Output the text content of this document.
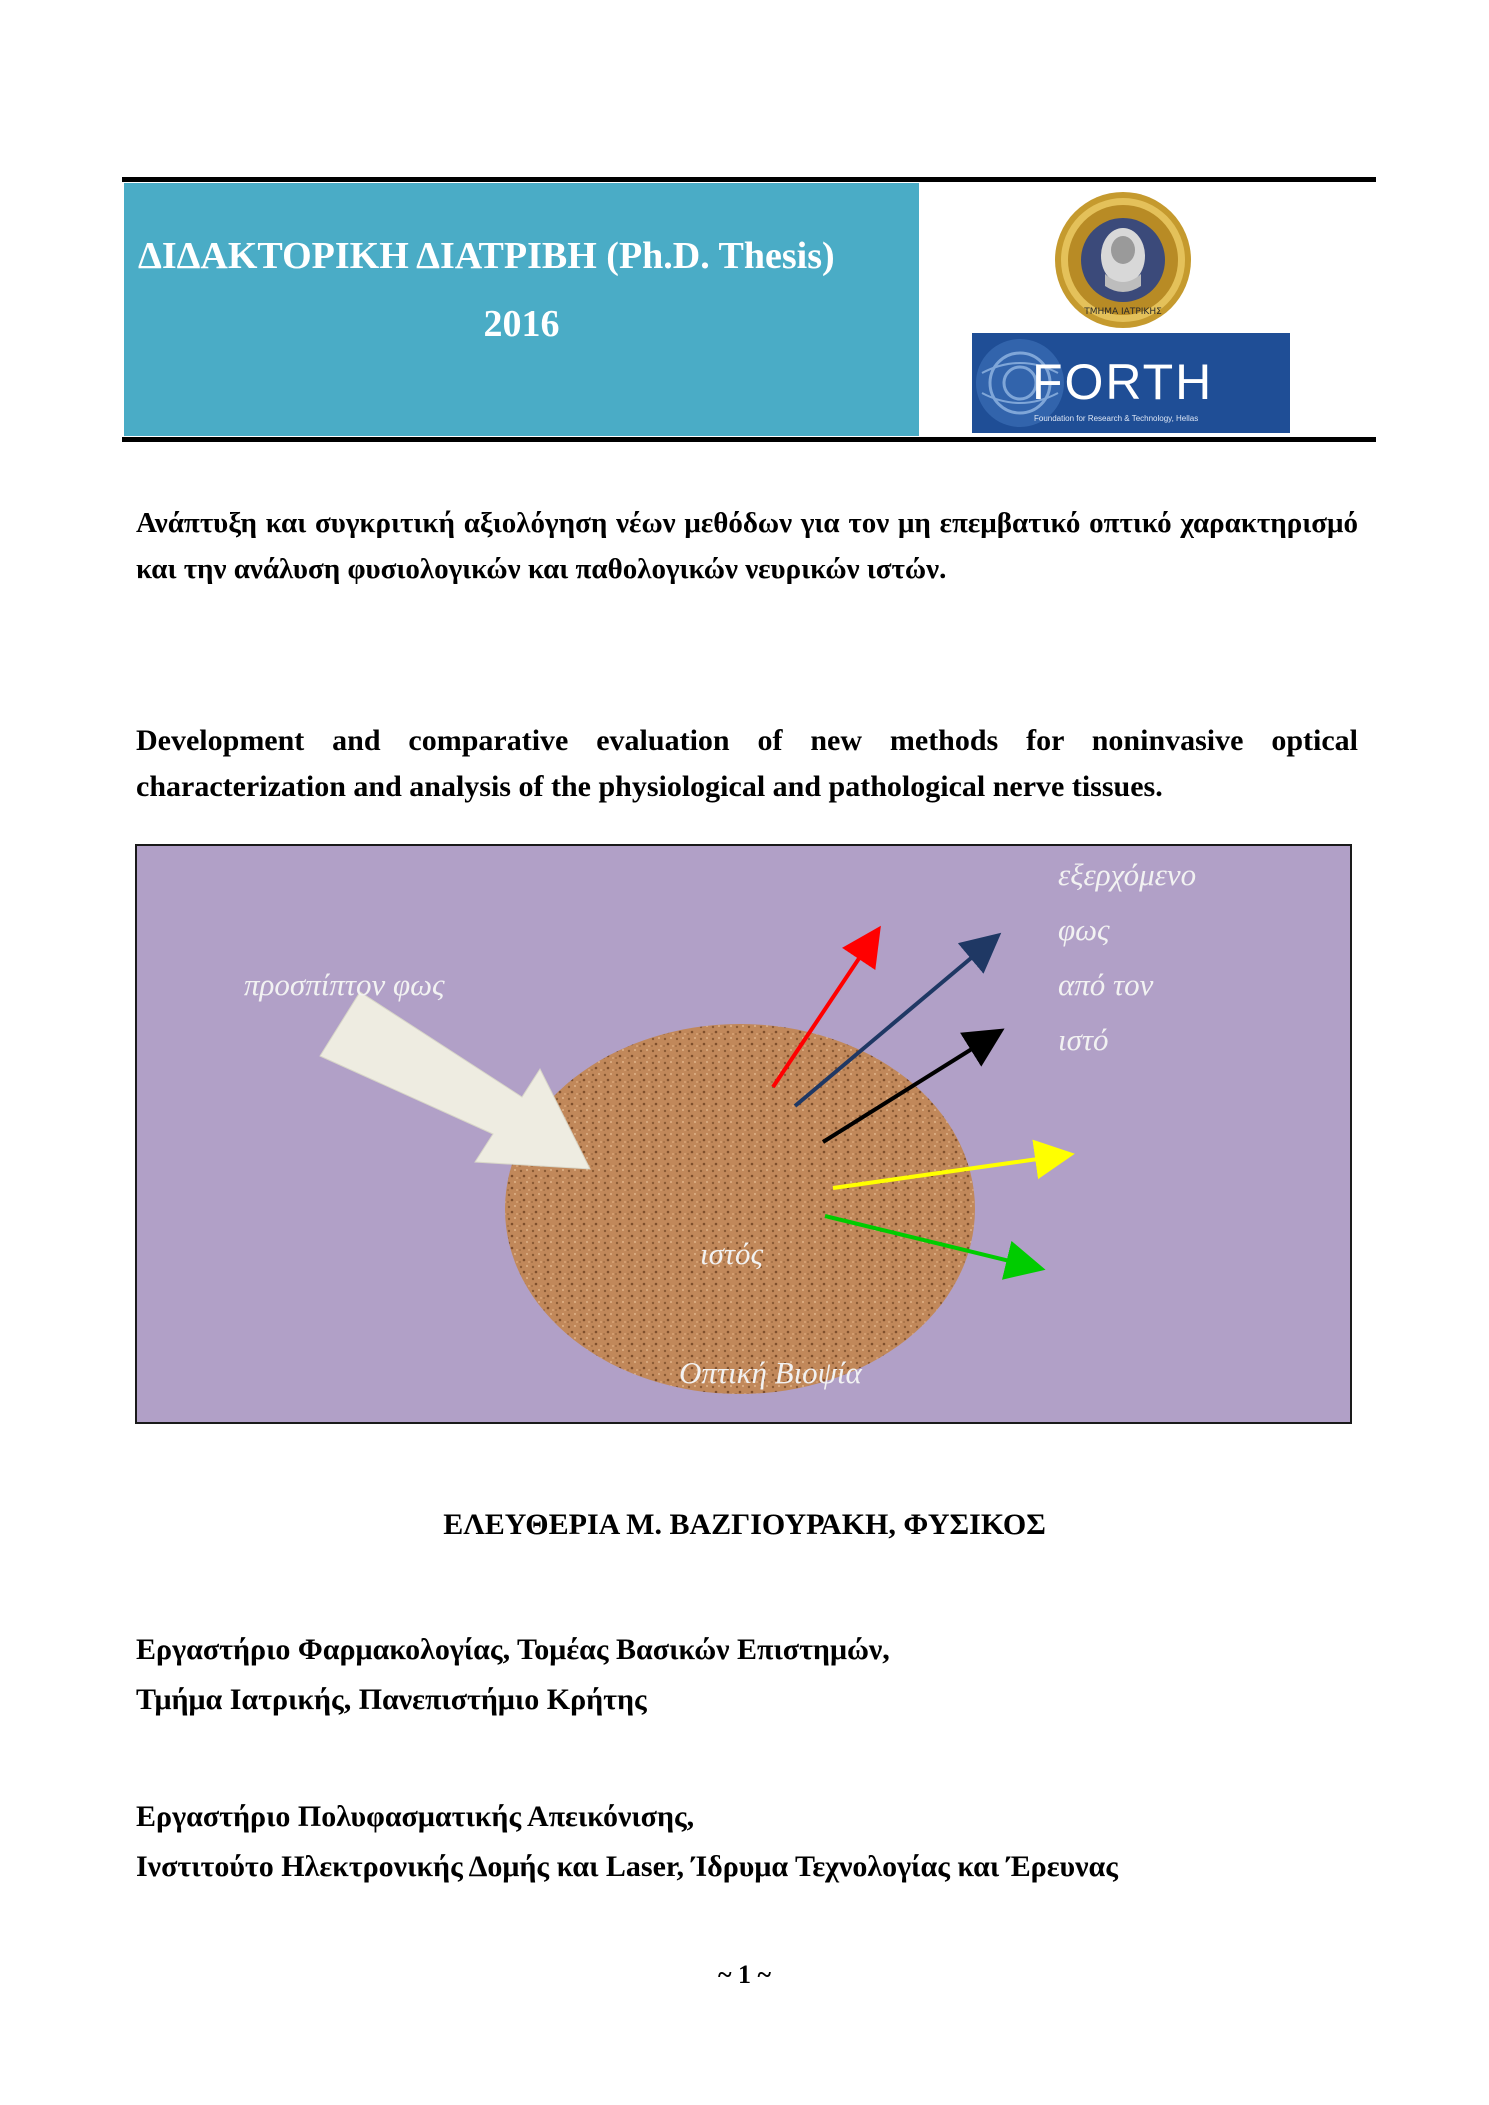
ΔΙΔΑΚΤΟΡΙΚΗ ΔΙΑΤΡΙΒΗ (Ph.D. Thesis)
2016	ΤΜΗΜΑ ΙΑΤΡΙΚΗΣ
FORTH
Foundation for Research & Technology, Hellas
Ανάπτυξη και συγκριτική αξιολόγηση νέων μεθόδων για τον μη επεμβατικό οπτικό χαρακτηρισμό και την ανάλυση φυσιολογικών και παθολογικών νευρικών ιστών.
Development and comparative evaluation of new methods for noninvasive optical characterization and analysis of the physiological and pathological nerve tissues.
προσπίπτον φως
εξερχόμενο
φως
από τον
ιστό
ιστός
Οπτική Βιοψία
ΕΛΕΥΘΕΡΙΑ Μ. ΒΑΖΓΙΟΥΡΑΚΗ, ΦΥΣΙΚΟΣ
Εργαστήριο Φαρμακολογίας, Τομέας Βασικών Επιστημών,
Τμήμα Ιατρικής, Πανεπιστήμιο Κρήτης
Εργαστήριο Πολυφασματικής Απεικόνισης,
Ινστιτούτο Ηλεκτρονικής Δομής και Laser, Ίδρυμα Τεχνολογίας και Έρευνας
~ 1 ~
